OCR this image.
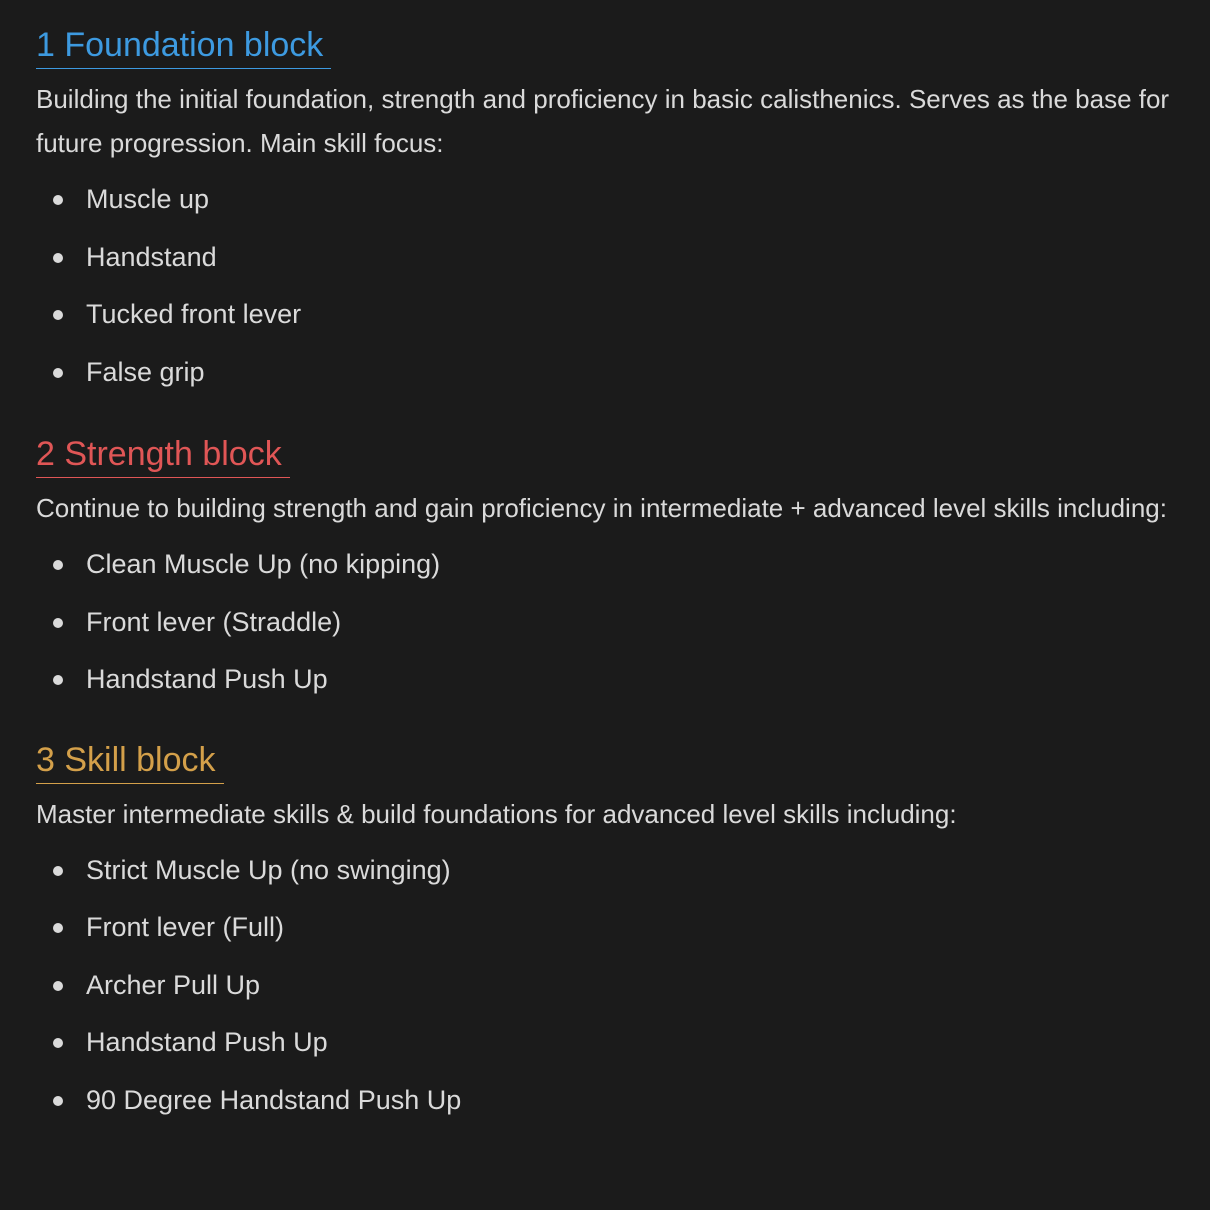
1 Foundation block

Building the initial foundation, strength and proficiency in basic calisthenics. Serves as the base for future progression. Main skill focus:

Muscle up
Handstand
Tucked front lever
False grip
2 Strength block

Continue to building strength and gain proficiency in intermediate + advanced level skills including:

Clean Muscle Up (no kipping)
Front lever (Straddle)
Handstand Push Up
3 Skill block

Master intermediate skills & build foundations for advanced level skills including:

Strict Muscle Up (no swinging)
Front lever (Full)
Archer Pull Up
Handstand Push Up
90 Degree Handstand Push Up
